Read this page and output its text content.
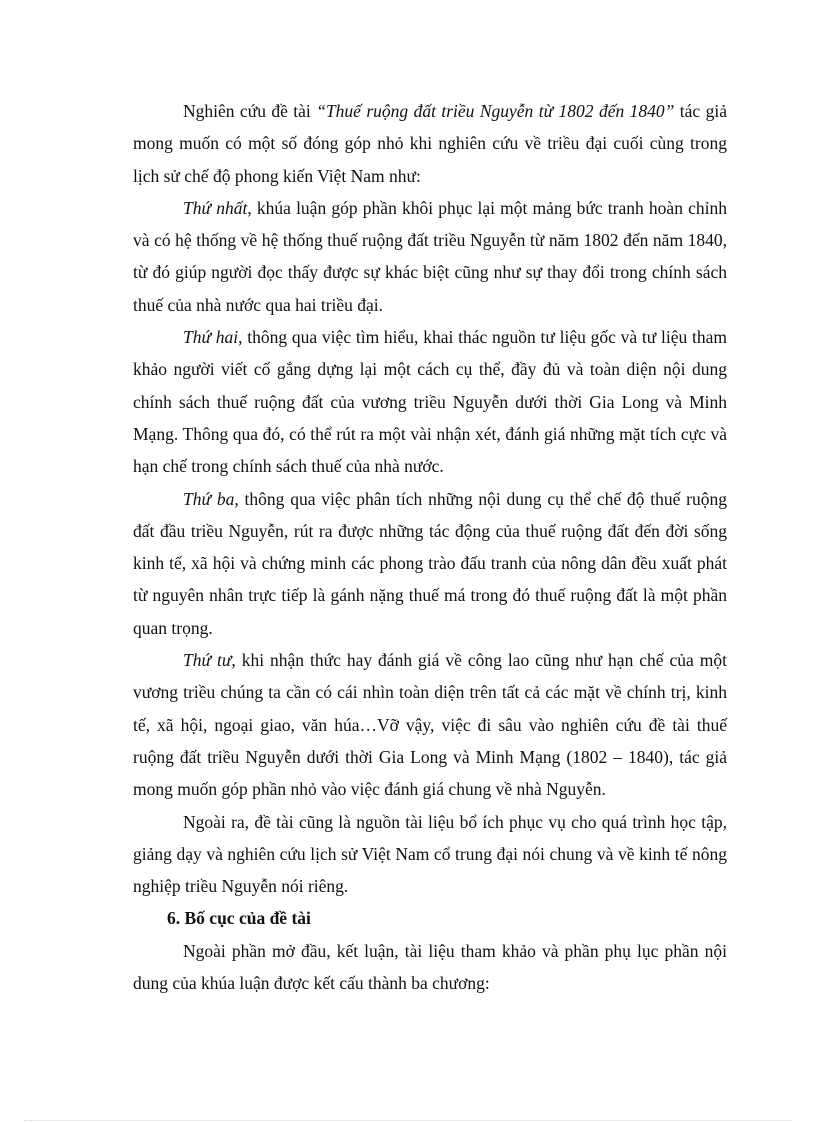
Nghiên cứu đề tài “Thuế ruộng đất triều Nguyễn từ 1802 đến 1840” tác giả mong muốn có một số đóng góp nhỏ khi nghiên cứu về triều đại cuối cùng trong lịch sử chế độ phong kiến Việt Nam như:

Thứ nhất, khúa luận góp phần khôi phục lại một mảng bức tranh hoàn chỉnh và có hệ thống về hệ thống thuế ruộng đất triều Nguyễn từ năm 1802 đến năm 1840, từ đó giúp người đọc thấy được sự khác biệt cũng như sự thay đổi trong chính sách thuế của nhà nước qua hai triều đại.

Thứ hai, thông qua việc tìm hiểu, khai thác nguồn tư liệu gốc và tư liệu tham khảo người viết cố gắng dựng lại một cách cụ thể, đầy đủ và toàn diện nội dung chính sách thuế ruộng đất của vương triều Nguyễn dưới thời Gia Long và Minh Mạng. Thông qua đó, có thể rút ra một vài nhận xét, đánh giá những mặt tích cực và hạn chế trong chính sách thuế của nhà nước.

Thứ ba, thông qua việc phân tích những nội dung cụ thể chế độ thuế ruộng đất đầu triều Nguyễn, rút ra được những tác động của thuế ruộng đất đến đời sống kinh tế, xã hội và chứng minh các phong trào đấu tranh của nông dân đều xuất phát từ nguyên nhân trực tiếp là gánh nặng thuế má trong đó thuế ruộng đất là một phần quan trọng.

Thứ tư, khi nhận thức hay đánh giá về công lao cũng như hạn chế của một vương triều chúng ta cần có cái nhìn toàn diện trên tất cả các mặt về chính trị, kinh tế, xã hội, ngoại giao, văn húa…Vỡ vậy, việc đi sâu vào nghiên cứu đề tài thuế ruộng đất triều Nguyễn dưới thời Gia Long và Minh Mạng (1802 – 1840), tác giả mong muốn góp phần nhỏ vào việc đánh giá chung về nhà Nguyễn.

Ngoài ra, đề tài cũng là nguồn tài liệu bổ ích phục vụ cho quá trình học tập, giảng dạy và nghiên cứu lịch sử Việt Nam cổ trung đại nói chung và về kinh tế nông nghiệp triều Nguyễn nói riêng.

6. Bố cục của đề tài

Ngoài phần mở đầu, kết luận, tài liệu tham khảo và phần phụ lục phần nội dung của khúa luận được kết cấu thành ba chương:
